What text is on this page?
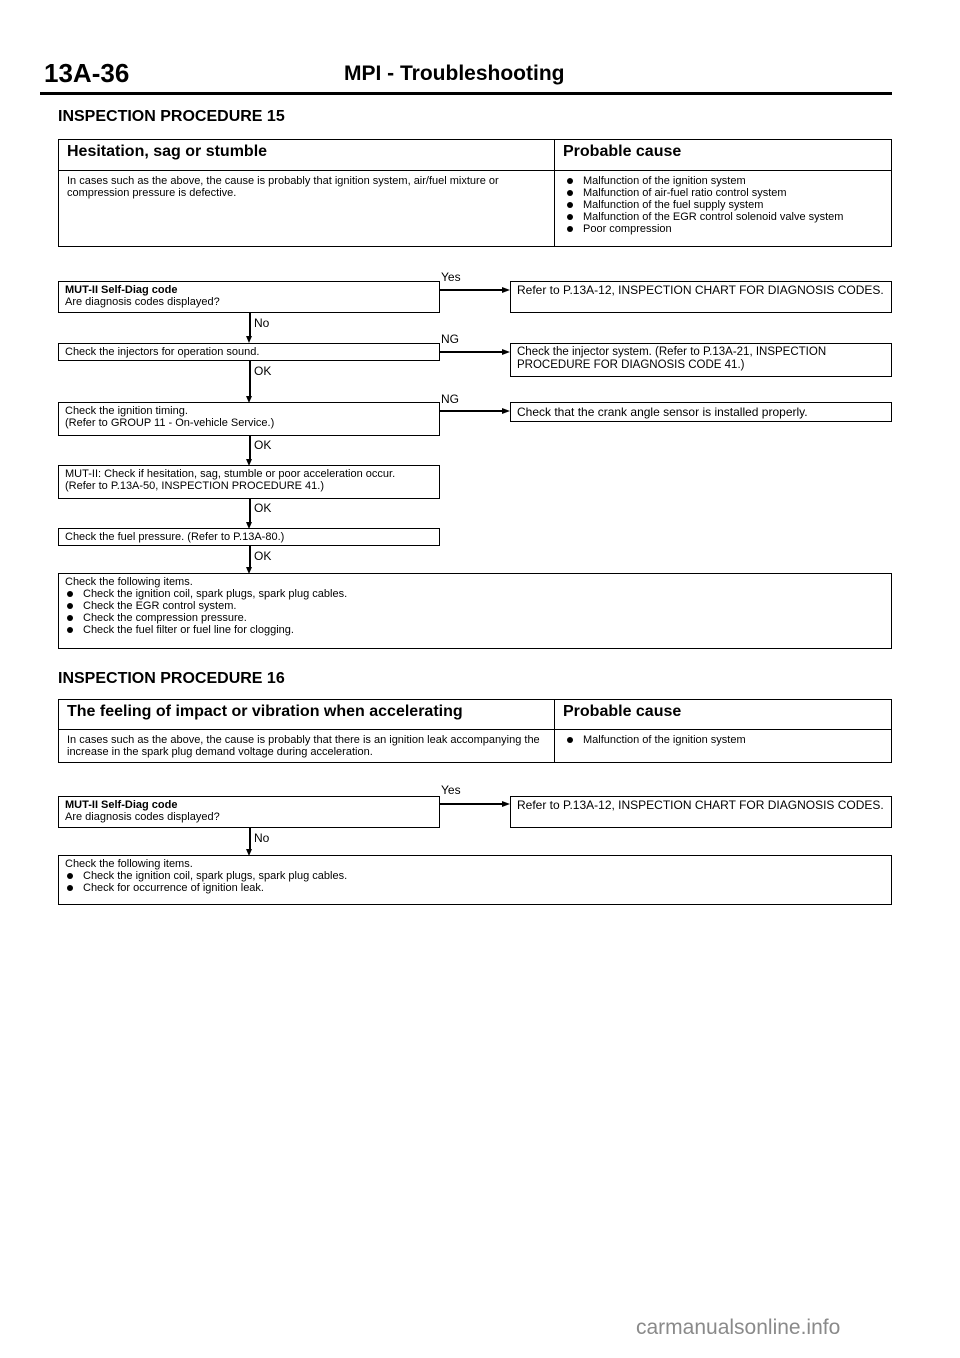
13A-36	MPI - Troubleshooting
INSPECTION PROCEDURE 15
Hesitation, sag or stumble	Probable cause
In cases such as the above, the cause is probably that ignition system, air/fuel mixture or compression pressure is defective.
Malfunction of the ignition system
Malfunction of air-fuel ratio control system
Malfunction of the fuel supply system
Malfunction of the EGR control solenoid valve system
Poor compression
MUT-II Self-Diag code
Are diagnosis codes displayed?
Yes
Refer to P.13A-12, INSPECTION CHART FOR DIAGNOSIS CODES.
No
Check the injectors for operation sound.
NG
Check the injector system. (Refer to P.13A-21, INSPECTION PROCEDURE FOR DIAGNOSIS CODE 41.)
OK
Check the ignition timing.
(Refer to GROUP 11 - On-vehicle Service.)
NG
Check that the crank angle sensor is installed properly.
OK
MUT-II: Check if hesitation, sag, stumble or poor acceleration occur.
(Refer to P.13A-50, INSPECTION PROCEDURE 41.)
OK
Check the fuel pressure. (Refer to P.13A-80.)
OK
Check the following items.
Check the ignition coil, spark plugs, spark plug cables.
Check the EGR control system.
Check the compression pressure.
Check the fuel filter or fuel line for clogging.
INSPECTION PROCEDURE 16
The feeling of impact or vibration when accelerating	Probable cause
In cases such as the above, the cause is probably that there is an ignition leak accompanying the increase in the spark plug demand voltage during acceleration.
Malfunction of the ignition system
MUT-II Self-Diag code
Are diagnosis codes displayed?
Yes
Refer to P.13A-12, INSPECTION CHART FOR DIAGNOSIS CODES.
No
Check the following items.
Check the ignition coil, spark plugs, spark plug cables.
Check for occurrence of ignition leak.
carmanualsonline.info
